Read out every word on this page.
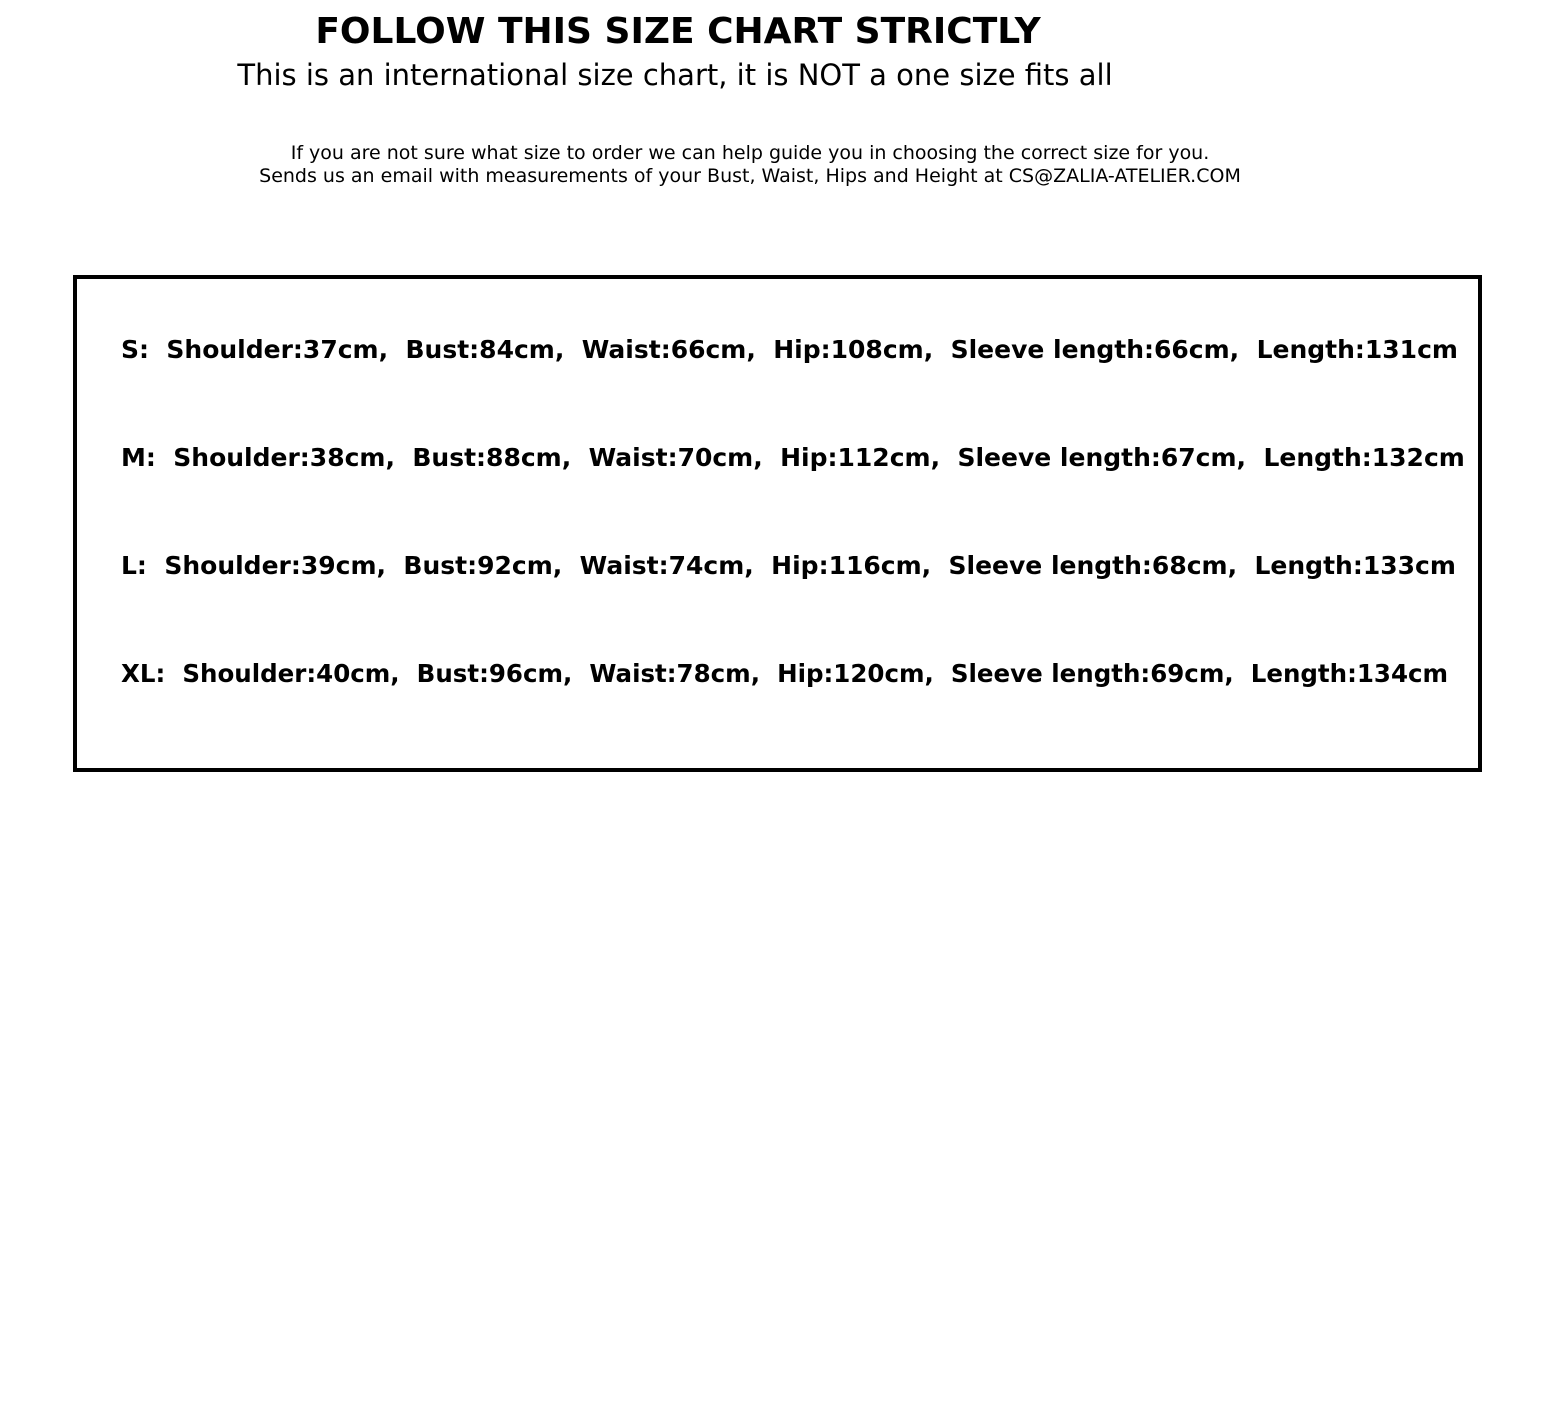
FOLLOW THIS SIZE CHART STRICTLY
This is an international size chart, it is NOT a one size fits all
If you are not sure what size to order we can help guide you in choosing the correct size for you.
Sends us an email with measurements of your Bust, Waist, Hips and Height at CS@ZALIA-ATELIER.COM
S:  Shoulder:37cm,  Bust:84cm,  Waist:66cm,  Hip:108cm,  Sleeve length:66cm,  Length:131cm
M:  Shoulder:38cm,  Bust:88cm,  Waist:70cm,  Hip:112cm,  Sleeve length:67cm,  Length:132cm
L:  Shoulder:39cm,  Bust:92cm,  Waist:74cm,  Hip:116cm,  Sleeve length:68cm,  Length:133cm
XL:  Shoulder:40cm,  Bust:96cm,  Waist:78cm,  Hip:120cm,  Sleeve length:69cm,  Length:134cm
